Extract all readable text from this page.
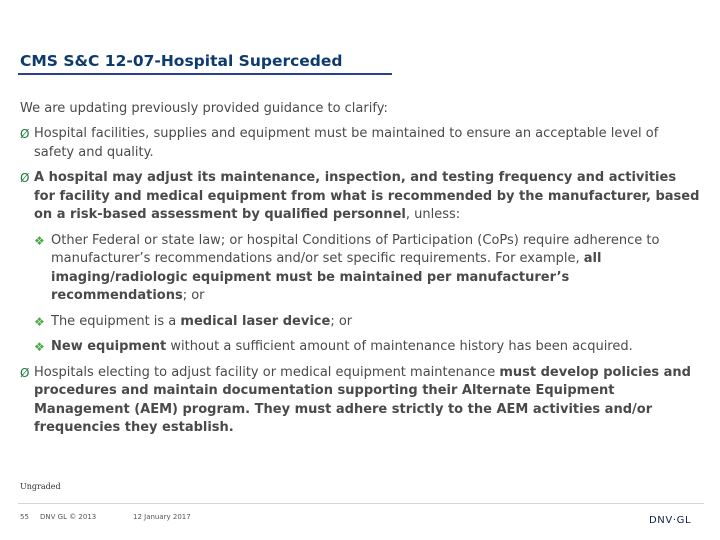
CMS S&C 12-07-Hospital Superceded

We are updating previously provided guidance to clarify:

Ø Hospital facilities, supplies and equipment must be maintained to ensure an acceptable level of safety and quality.
Ø A hospital may adjust its maintenance, inspection, and testing frequency and activities for facility and medical equipment from what is recommended by the manufacturer, based on a risk-based assessment by qualified personnel, unless:
❖ Other Federal or state law; or hospital Conditions of Participation (CoPs) require adherence to manufacturer’s recommendations and/or set specific requirements. For example, all imaging/radiologic equipment must be maintained per manufacturer’s recommendations; or
❖ The equipment is a medical laser device; or
❖ New equipment without a sufficient amount of maintenance history has been acquired.
Ø Hospitals electing to adjust facility or medical equipment maintenance must develop policies and procedures and maintain documentation supporting their Alternate Equipment Management (AEM) program. They must adhere strictly to the AEM activities and/or frequencies they establish.
Ungraded
55 DNV GL © 2013	12 January 2017	DNV·GL
